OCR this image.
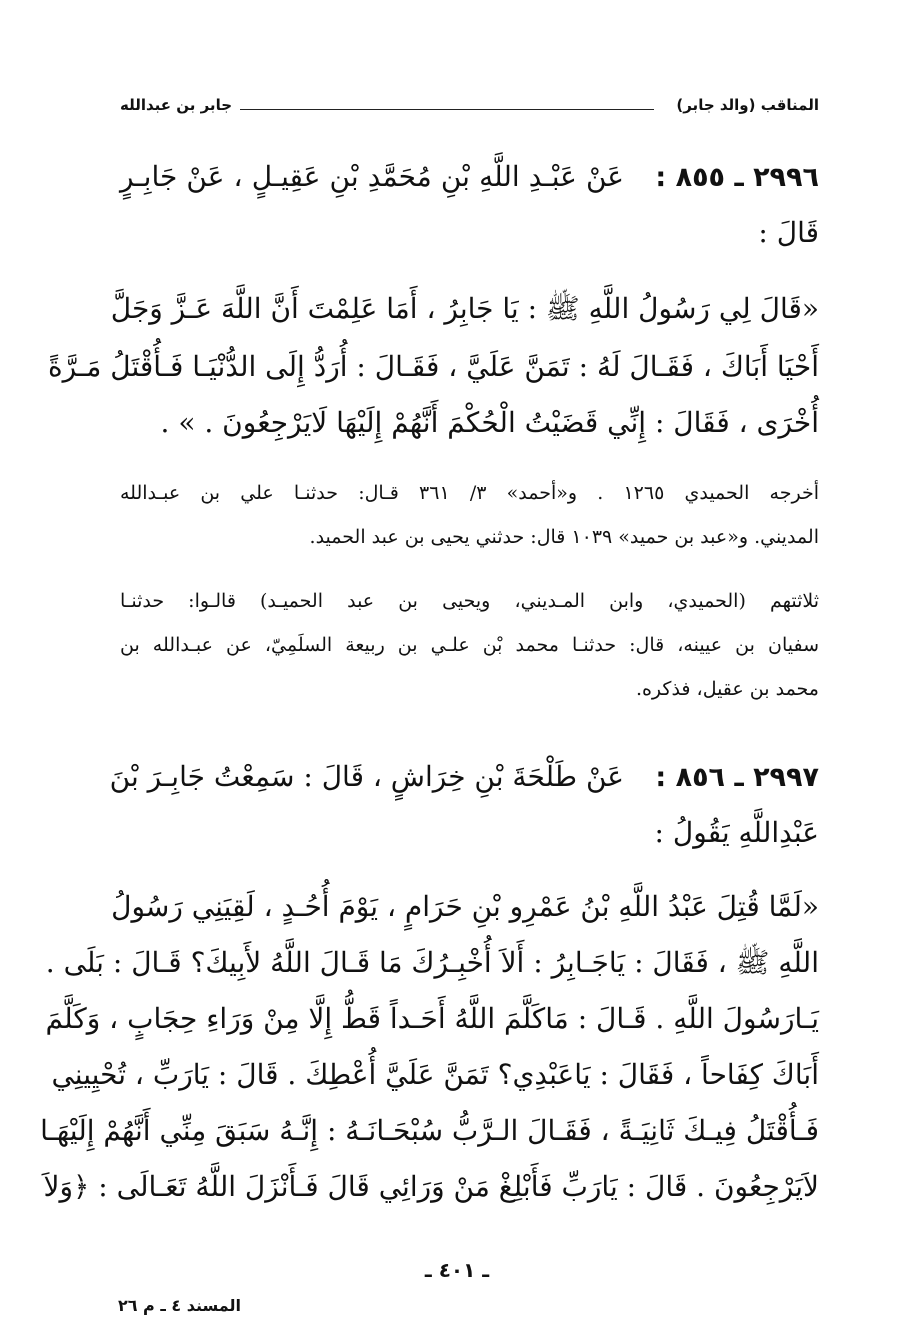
المناقب (والد جابر)
جابر بن عبدالله
٢٩٩٦ ـ ٨٥٥ :
عَنْ عَبْـدِ اللَّهِ بْنِ مُحَمَّدِ بْنِ عَقِيـلٍ ، عَنْ جَابِـرٍ
قَالَ :
«قَالَ لِي رَسُولُ اللَّهِ ﷺ : يَا جَابِرُ ، أَمَا عَلِمْتَ أَنَّ اللَّهَ عَـزَّ وَجَلَّ
أَحْيَا أَبَاكَ ، فَقَـالَ لَهُ : تَمَنَّ عَلَيَّ ، فَقَـالَ : أُرَدُّ إِلَى الدُّنْيَـا فَـأُقْتَلُ مَـرَّةً
أُخْرَى ، فَقَالَ : إِنِّي قَضَيْتُ الْحُكْمَ أَنَّهُمْ إِلَيْهَا لَايَرْجِعُونَ . » .
أخرجه الحميدي ١٢٦٥ . و«أحمد» ٣/ ٣٦١ قـال: حدثنـا علي بن عبـدالله
المديني. و«عبد بن حميد» ١٠٣٩ قال: حدثني يحيى بن عبد الحميد.
ثلاثتهم (الحميدي، وابن المـديني، ويحيى بن عبد الحميـد) قالـوا: حدثنـا
سفيان بن عيينه، قال: حدثنـا محمد بْن علـي بن ربيعة السلَمِيّ، عن عبـدالله بن
محمد بن عقيل، فذكره.
٢٩٩٧ ـ ٨٥٦ :
عَنْ طَلْحَةَ بْنِ خِرَاشٍ ، قَالَ : سَمِعْتُ جَابِـرَ بْنَ
عَبْدِاللَّهِ يَقُولُ :
«لَمَّا قُتِلَ عَبْدُ اللَّهِ بْنُ عَمْرِو بْنِ حَرَامٍ ، يَوْمَ أُحُـدٍ ، لَقِيَنِي رَسُولُ
اللَّهِ ﷺ ، فَقَالَ : يَاجَـابِرُ : أَلاَ أُخْبِـرُكَ مَا قَـالَ اللَّهُ لأَبِيكَ؟ قَـالَ : بَلَى .
يَـارَسُولَ اللَّهِ . قَـالَ : مَاكَلَّمَ اللَّهُ أَحَـداً قَطُّ إِلَّا مِنْ وَرَاءِ حِجَابٍ ، وَكَلَّمَ
أَبَاكَ كِفَاحاً ، فَقَالَ : يَاعَبْدِي؟ تَمَنَّ عَلَيَّ أُعْطِكَ . قَالَ : يَارَبِّ ، تُحْيِينِي
فَـأُقْتَلُ فِيـكَ ثَانِيَـةً ، فَقَـالَ الـرَّبُّ سُبْحَـانَـهُ : إِنَّـهُ سَبَقَ مِنِّي أَنَّهُمْ إِلَيْهَـا
لاَيَرْجِعُونَ . قَالَ : يَارَبِّ فَأَبْلِغْ مَنْ وَرَائِي قَالَ فَـأَنْزَلَ اللَّهُ تَعَـالَى : ﴿وَلاَ
ـ ٤٠١ ـ
المسند ٤ ـ م ٢٦
